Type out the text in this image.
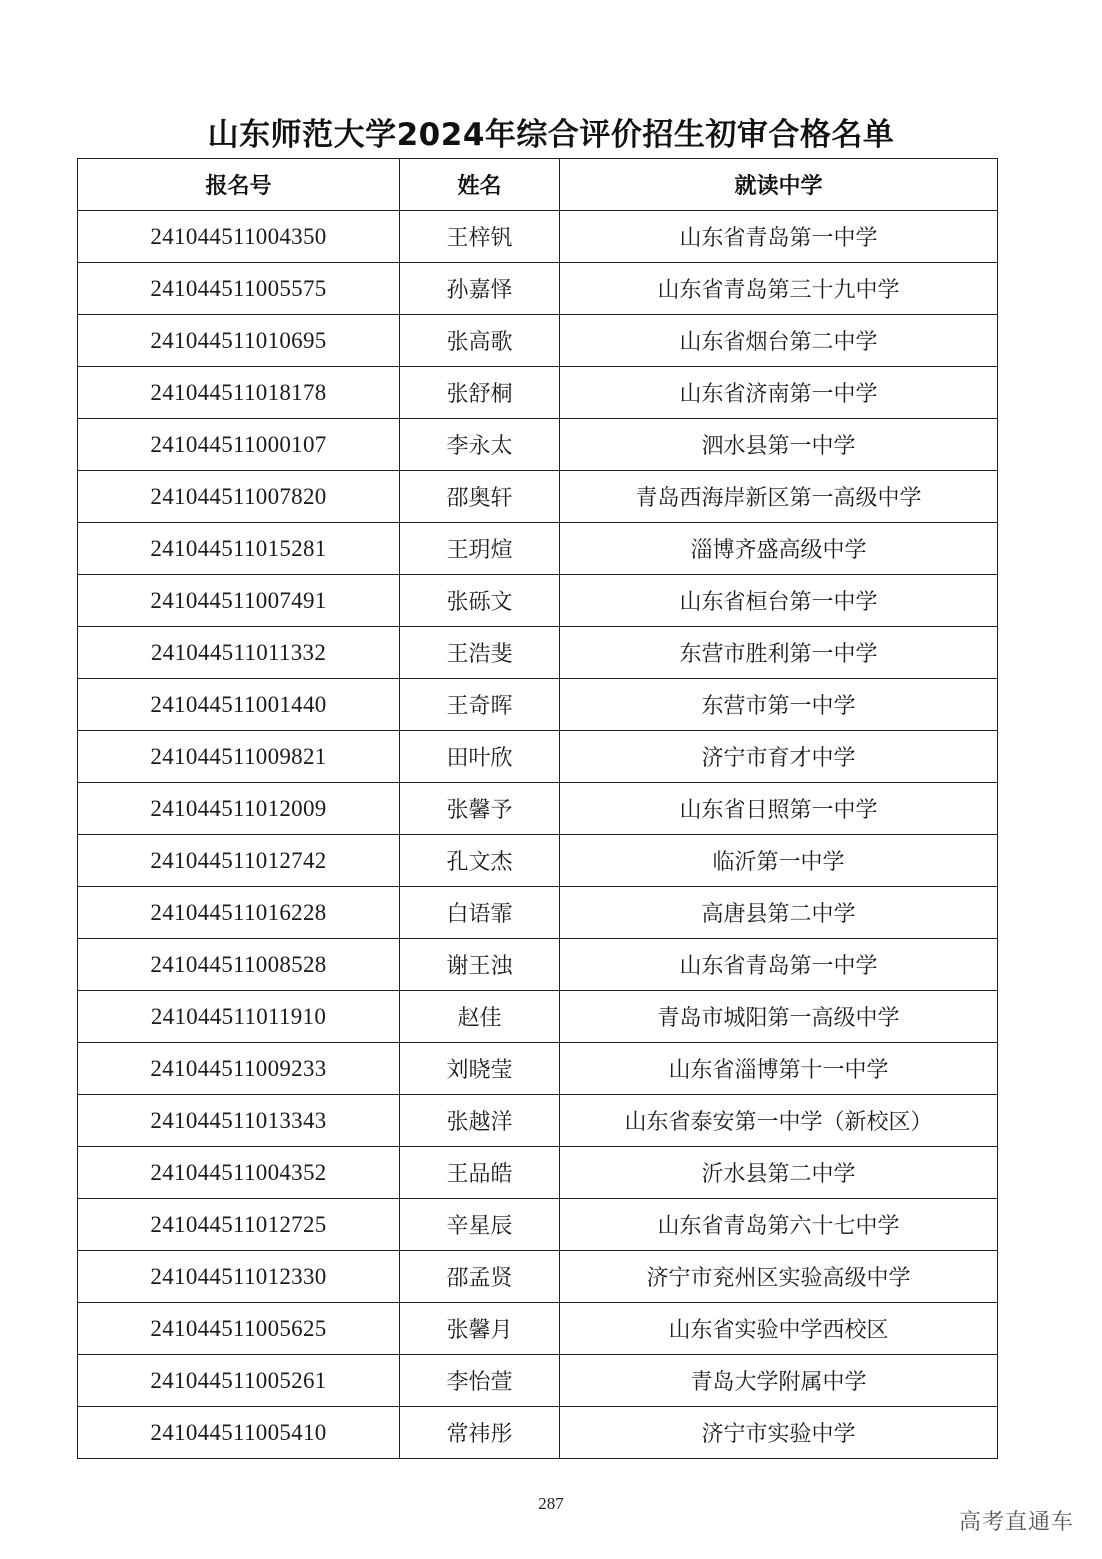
山东师范大学2024年综合评价招生初审合格名单
报名号	姓名	就读中学
241044511004350	王梓钒	山东省青岛第一中学
241044511005575	孙嘉怿	山东省青岛第三十九中学
241044511010695	张高歌	山东省烟台第二中学
241044511018178	张舒桐	山东省济南第一中学
241044511000107	李永太	泗水县第一中学
241044511007820	邵奥轩	青岛西海岸新区第一高级中学
241044511015281	王玥煊	淄博齐盛高级中学
241044511007491	张砾文	山东省桓台第一中学
241044511011332	王浩斐	东营市胜利第一中学
241044511001440	王奇晖	东营市第一中学
241044511009821	田叶欣	济宁市育才中学
241044511012009	张馨予	山东省日照第一中学
241044511012742	孔文杰	临沂第一中学
241044511016228	白语霏	高唐县第二中学
241044511008528	谢王浊	山东省青岛第一中学
241044511011910	赵佳	青岛市城阳第一高级中学
241044511009233	刘晓莹	山东省淄博第十一中学
241044511013343	张越洋	山东省泰安第一中学（新校区）
241044511004352	王品皓	沂水县第二中学
241044511012725	辛星辰	山东省青岛第六十七中学
241044511012330	邵孟贤	济宁市兖州区实验高级中学
241044511005625	张馨月	山东省实验中学西校区
241044511005261	李怡萱	青岛大学附属中学
241044511005410	常祎彤	济宁市实验中学
287
高考直通车
